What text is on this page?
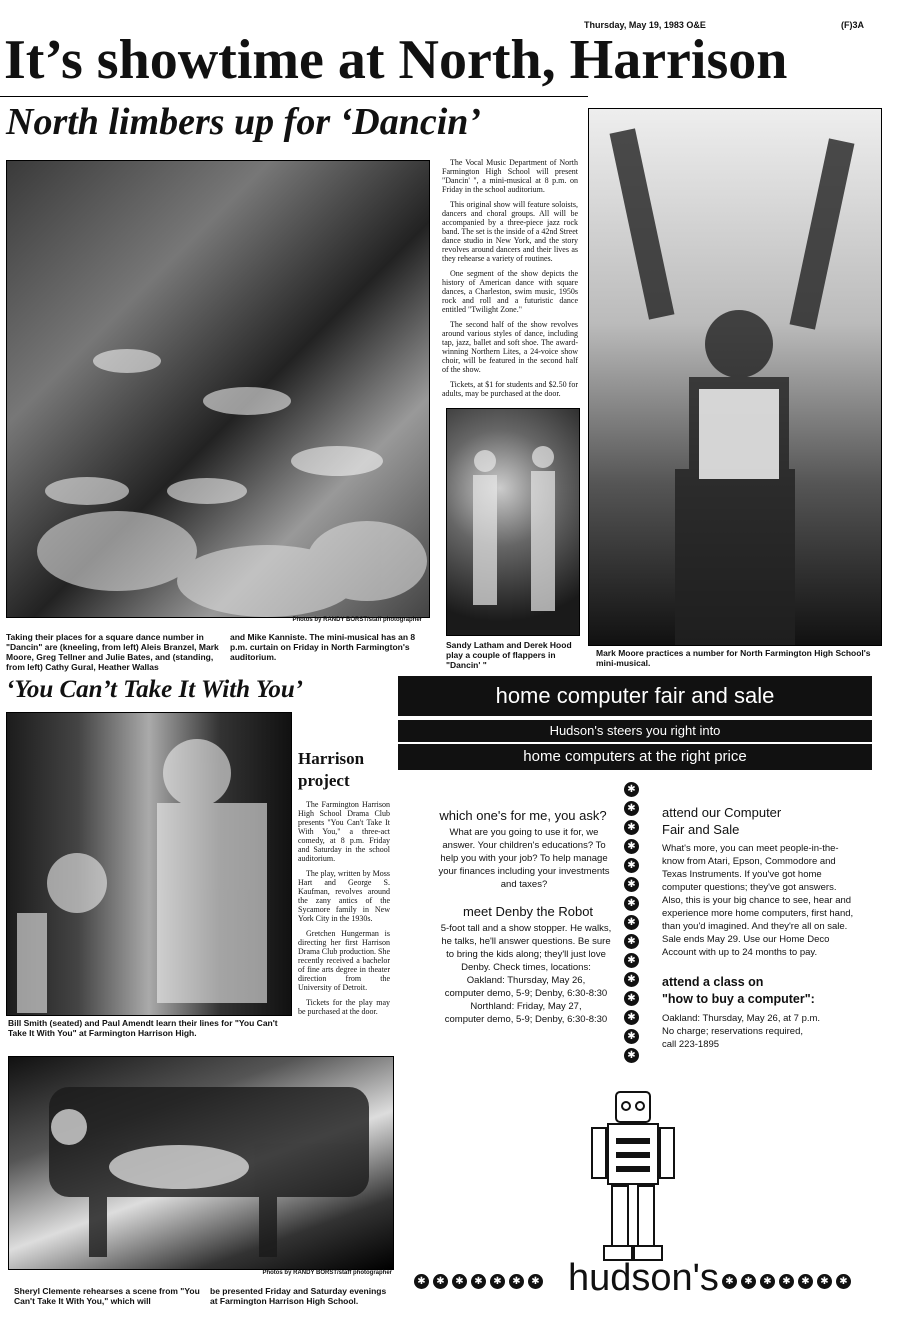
Thursday, May 19, 1983 O&E	(F)3A
It’s showtime at North, Harrison
North limbers up for ‘Dancin’
Photos by RANDY BORST/staff photographer
Taking their places for a square dance number in "Dancin" are (kneeling, from left) Aleis Branzel, Mark Moore, Greg Tellner and Julie Bates, and (standing, from left) Cathy Gural, Heather Wallas
and Mike Kanniste. The mini-musical has an 8 p.m. curtain on Friday in North Farmington's auditorium.

The Vocal Music Department of North Farmington High School will present "Dancin' ", a mini-musical at 8 p.m. on Friday in the school auditorium.

This original show will feature soloists, dancers and choral groups. All will be accompanied by a three-piece jazz rock band. The set is the inside of a 42nd Street dance studio in New York, and the story revolves around dancers and their lives as they rehearse a variety of routines.

One segment of the show depicts the history of American dance with square dances, a Charleston, swim music, 1950s rock and roll and a futuristic dance entitled "Twilight Zone."

The second half of the show revolves around various styles of dance, including tap, jazz, ballet and soft shoe. The award-winning Northern Lites, a 24-voice show choir, will be featured in the second half of the show.

Tickets, at $1 for students and $2.50 for adults, may be purchased at the door.

Sandy Latham and Derek Hood play a couple of flappers in "Dancin' "
Mark Moore practices a number for North Farmington High School's mini-musical.
‘You Can’t Take It With You’
Bill Smith (seated) and Paul Amendt learn their lines for "You Can't Take It With You" at Farmington Harrison High.
Harrison
project

The Farmington Harrison High School Drama Club presents "You Can't Take It With You," a three-act comedy, at 8 p.m. Friday and Saturday in the school auditorium.

The play, written by Moss Hart and George S. Kaufman, revolves around the zany antics of the Sycamore family in New York City in the 1930s.

Gretchen Hungerman is directing her first Harrison Drama Club production. She recently received a bachelor of fine arts degree in theater direction from the University of Detroit.

Tickets for the play may be purchased at the door.

Photos by RANDY BORST/staff photographer
Sheryl Clemente rehearses a scene from "You Can't Take It With You," which will
be presented Friday and Saturday evenings at Farmington Harrison High School.
home computer fair and sale
Hudson's steers you right into
home computers at the right price
which one's for me, you ask?
What are you going to use it for, we answer. Your children's educations? To help you with your job? To help manage your finances including your investments and taxes?
meet Denby the Robot
5-foot tall and a show stopper. He walks, he talks, he'll answer questions. Be sure to bring the kids along; they'll just love Denby. Check times, locations:
Oakland: Thursday, May 26,
computer demo, 5-9; Denby, 6:30-8:30
Northland: Friday, May 27,
computer demo, 5-9; Denby, 6:30-8:30
✱
✱
✱
✱
✱
✱
✱
✱
✱
✱
✱
✱
✱
✱
✱
attend our Computer
Fair and Sale
What's more, you can meet people-in-the-know from Atari, Epson, Commodore and Texas Instruments. If you've got home computer questions; they've got answers. Also, this is your big chance to see, hear and experience more home computers, first hand, than you'd imagined. And they're all on sale. Sale ends May 29. Use our Home Deco Account with up to 24 months to pay.
attend a class on
"how to buy a computer":
Oakland: Thursday, May 26, at 7 p.m.
No charge; reservations required,
call 223-1895
✱	✱	✱	✱	✱	✱	✱ hudson's ✱	✱	✱	✱	✱	✱	✱
